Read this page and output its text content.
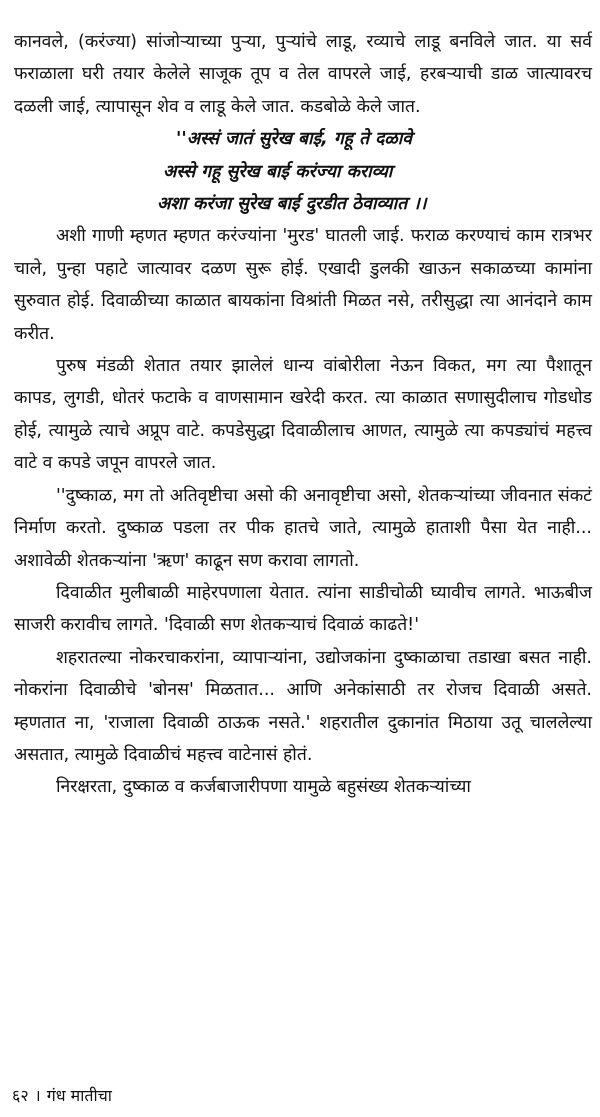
कानवले, (करंज्या) सांजोऱ्याच्या पुऱ्या, पुऱ्यांचे लाडू, रव्याचे लाडू बनविले जात. या सर्व फराळाला घरी तयार केलेले साजूक तूप व तेल वापरले जाई, हरबऱ्याची डाळ जात्यावरच दळली जाई, त्यापासून शेव व लाडू केले जात. कडबोळे केले जात.

''अस्सं जातं सुरेख बाई, गहू ते दळावे
अस्से गहू सुरेख बाई करंज्या कराव्या
अशा करंजा सुरेख बाई दुरडीत ठेवाव्यात ।।

अशी गाणी म्हणत म्हणत करंज्यांना 'मुरड' घातली जाई. फराळ करण्याचं काम रात्रभर चाले, पुन्हा पहाटे जात्यावर दळण सुरू होई. एखादी डुलकी खाऊन सकाळच्या कामांना सुरुवात होई. दिवाळीच्या काळात बायकांना विश्रांती मिळत नसे, तरीसुद्धा त्या आनंदाने काम करीत.

पुरुष मंडळी शेतात तयार झालेलं धान्य वांबोरीला नेऊन विकत, मग त्या पैशातून कापड, लुगडी, धोतरं फटाके व वाणसामान खरेदी करत. त्या काळात सणासुदीलाच गोडधोड होई, त्यामुळे त्याचे अप्रूप वाटे. कपडेसुद्धा दिवाळीलाच आणत, त्यामुळे त्या कपड्यांचं महत्त्व वाटे व कपडे जपून वापरले जात.

''दुष्काळ, मग तो अतिवृष्टीचा असो की अनावृष्टीचा असो, शेतकऱ्यांच्या जीवनात संकटं निर्माण करतो. दुष्काळ पडला तर पीक हातचे जाते, त्यामुळे हाताशी पैसा येत नाही... अशावेळी शेतकऱ्यांना 'ऋण' काढून सण करावा लागतो.

दिवाळीत मुलीबाळी माहेरपणाला येतात. त्यांना साडीचोळी घ्यावीच लागते. भाऊबीज साजरी करावीच लागते. 'दिवाळी सण शेतकऱ्याचं दिवाळं काढते!'

शहरातल्या नोकरचाकरांना, व्यापाऱ्यांना, उद्योजकांना दुष्काळाचा तडाखा बसत नाही. नोकरांना दिवाळीचे 'बोनस' मिळतात... आणि अनेकांसाठी तर रोजच दिवाळी असते. म्हणतात ना, 'राजाला दिवाळी ठाऊक नसते.' शहरातील दुकानांत मिठाया उतू चाललेल्या असतात, त्यामुळे दिवाळीचं महत्त्व वाटेनासं होतं.

निरक्षरता, दुष्काळ व कर्जबाजारीपणा यामुळे बहुसंख्य शेतकऱ्यांच्या

६२ । गंध मातीचा
